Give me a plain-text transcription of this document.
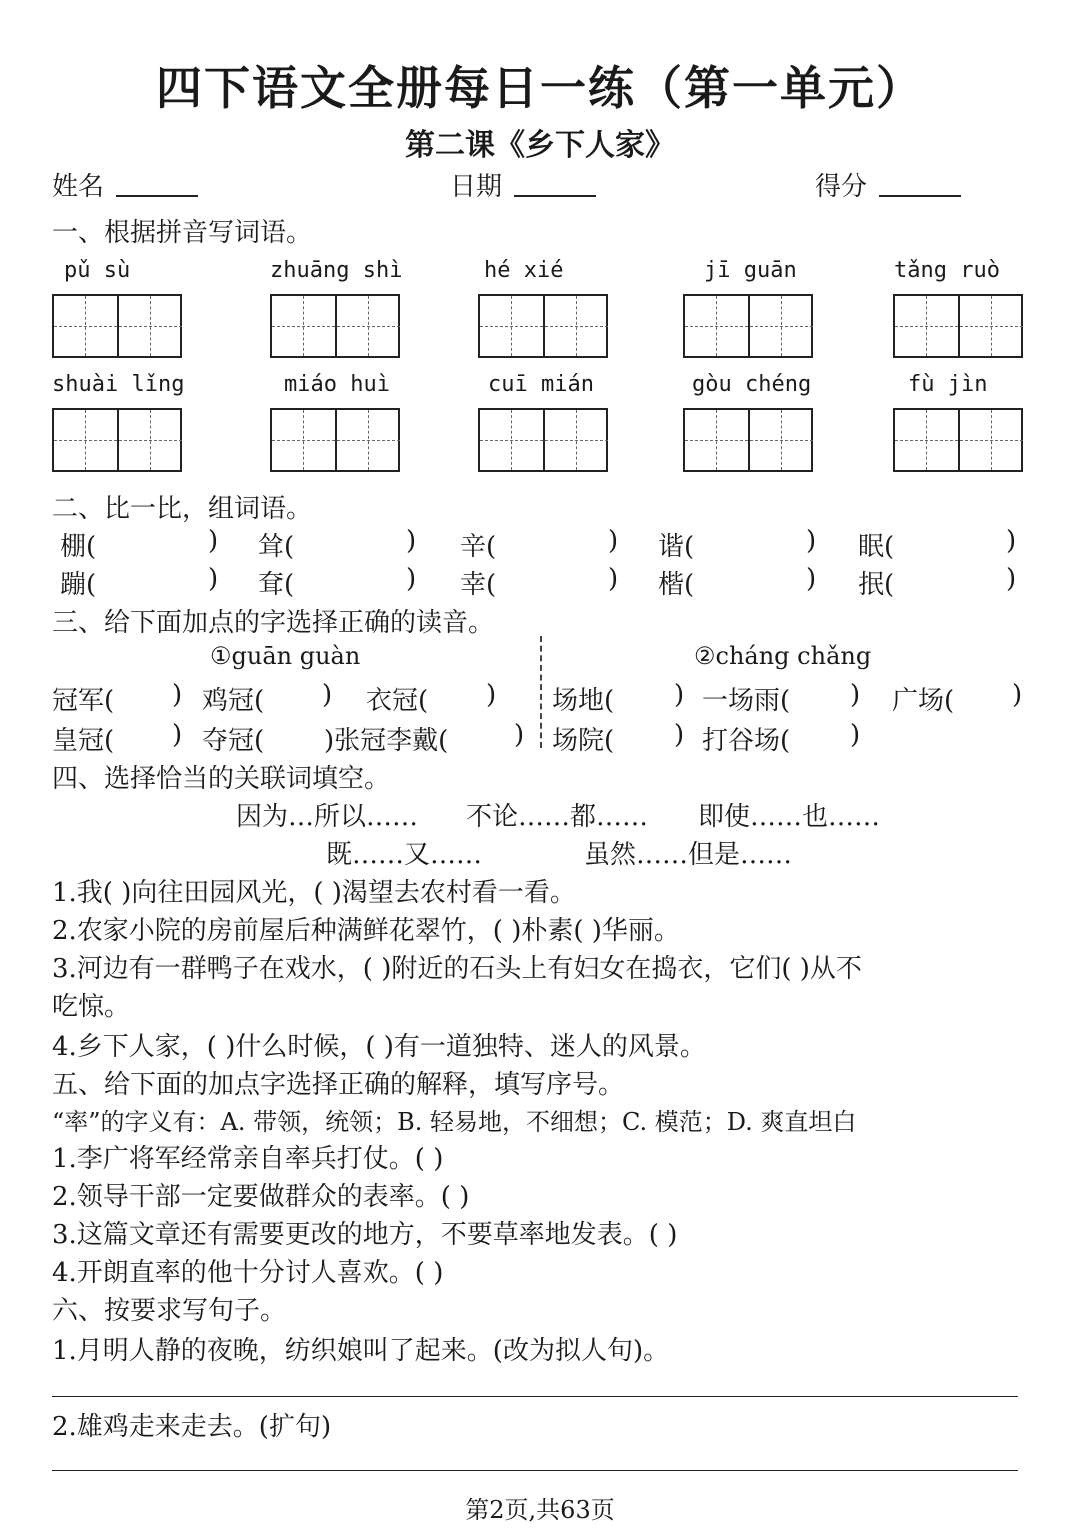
四下语文全册每日一练（第一单元）
第二课《乡下人家》
姓名	日期	得分
一、根据拼音写词语。
pǔ sù	zhuāng shì	hé xié	jī guān	tǎng ruò
shuài lǐng	miáo huì	cuī mián	gòu chéng	fù jìn
二、比一比，组词语。
棚(	) 耸(	) 辛(	) 谐(	) 眠(	)
蹦(	) 耷(	) 幸(	) 楷(	) 抿(	)
三、给下面加点的字选择正确的读音。
①guān guàn	②cháng chǎng
冠军( ) 鸡冠( ) 衣冠( )
皇冠( ) 夺冠( )张冠李戴(	)
场地( ) 一场雨( ) 广场( )
场院( ) 打谷场( )
四、选择恰当的关联词填空。
因为…所以…… 不论……都…… 即使……也……
既……又……	虽然……但是……
1.我( )向往田园风光，( )渴望去农村看一看。
2.农家小院的房前屋后种满鲜花翠竹，( )朴素( )华丽。
3.河边有一群鸭子在戏水，( )附近的石头上有妇女在捣衣，它们( )从不
吃惊。
4.乡下人家，( )什么时候，( )有一道独特、迷人的风景。
五、给下面的加点字选择正确的解释，填写序号。
“率”的字义有：A. 带领，统领；B. 轻易地，不细想；C. 模范；D. 爽直坦白
1.李广将军经常亲自率兵打仗。( )
2.领导干部一定要做群众的表率。( )
3.这篇文章还有需要更改的地方，不要草率地发表。( )
4.开朗直率的他十分讨人喜欢。( )
六、按要求写句子。
1.月明人静的夜晚，纺织娘叫了起来。(改为拟人句)。
2.雄鸡走来走去。(扩句)
第2页,共63页
